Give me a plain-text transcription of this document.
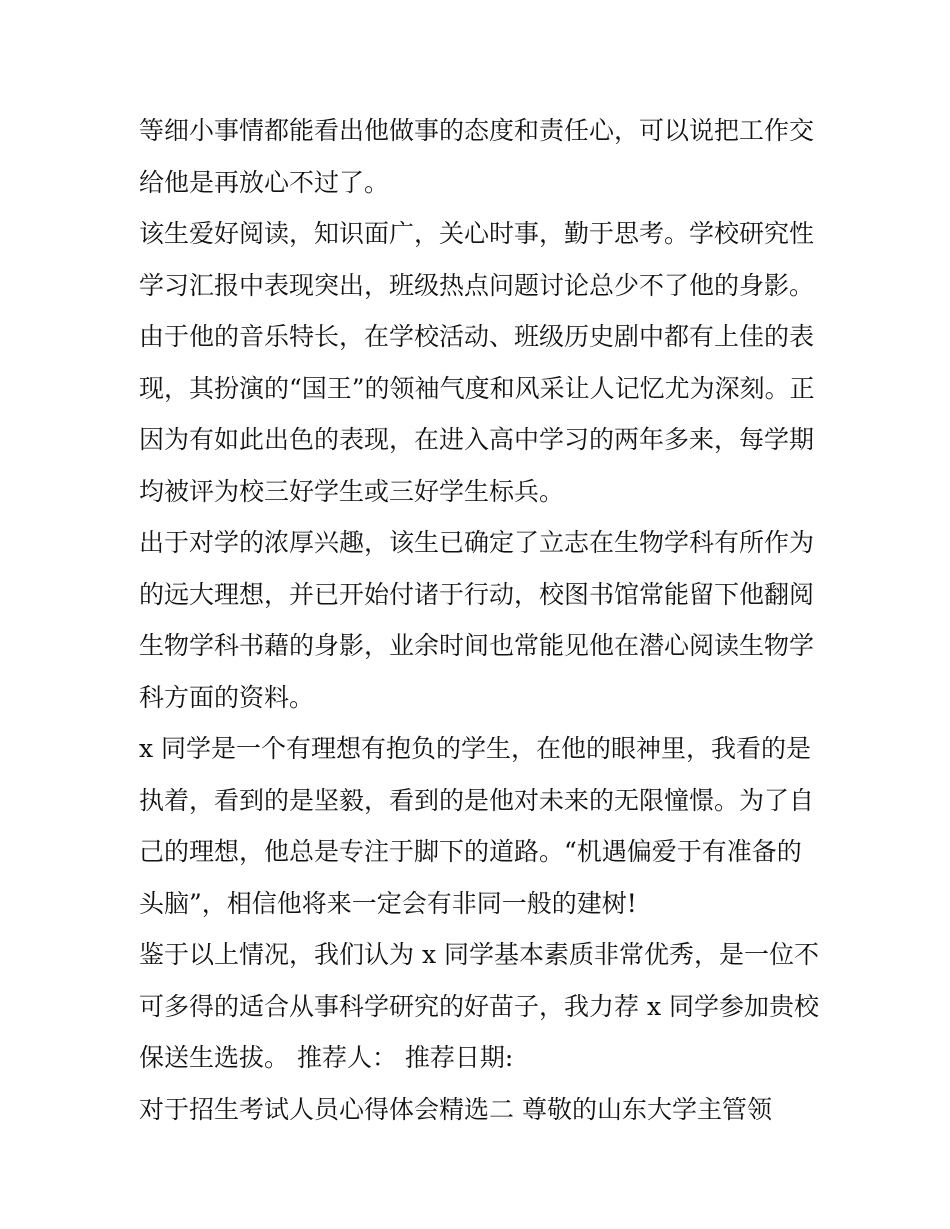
等细小事情都能看出他做事的态度和责任心，可以说把工作交
给他是再放心不过了。
该生爱好阅读，知识面广，关心时事，勤于思考。学校研究性
学习汇报中表现突出，班级热点问题讨论总少不了他的身影。
由于他的音乐特长，在学校活动、班级历史剧中都有上佳的表
现，其扮演的“国王”的领袖气度和风采让人记忆尤为深刻。正
因为有如此出色的表现，在进入高中学习的两年多来，每学期
均被评为校三好学生或三好学生标兵。
出于对学的浓厚兴趣，该生已确定了立志在生物学科有所作为
的远大理想，并已开始付诸于行动，校图书馆常能留下他翻阅
生物学科书藉的身影，业余时间也常能见他在潜心阅读生物学
科方面的资料。
x 同学是一个有理想有抱负的学生，在他的眼神里，我看的是
执着，看到的是坚毅，看到的是他对未来的无限憧憬。为了自
己的理想，他总是专注于脚下的道路。“机遇偏爱于有准备的
头脑”，相信他将来一定会有非同一般的建树!
鉴于以上情况，我们认为 x 同学基本素质非常优秀，是一位不
可多得的适合从事科学研究的好苗子，我力荐 x 同学参加贵校
保送生选拔。 推荐人： 推荐日期:
对于招生考试人员心得体会精选二 尊敬的山东大学主管领
